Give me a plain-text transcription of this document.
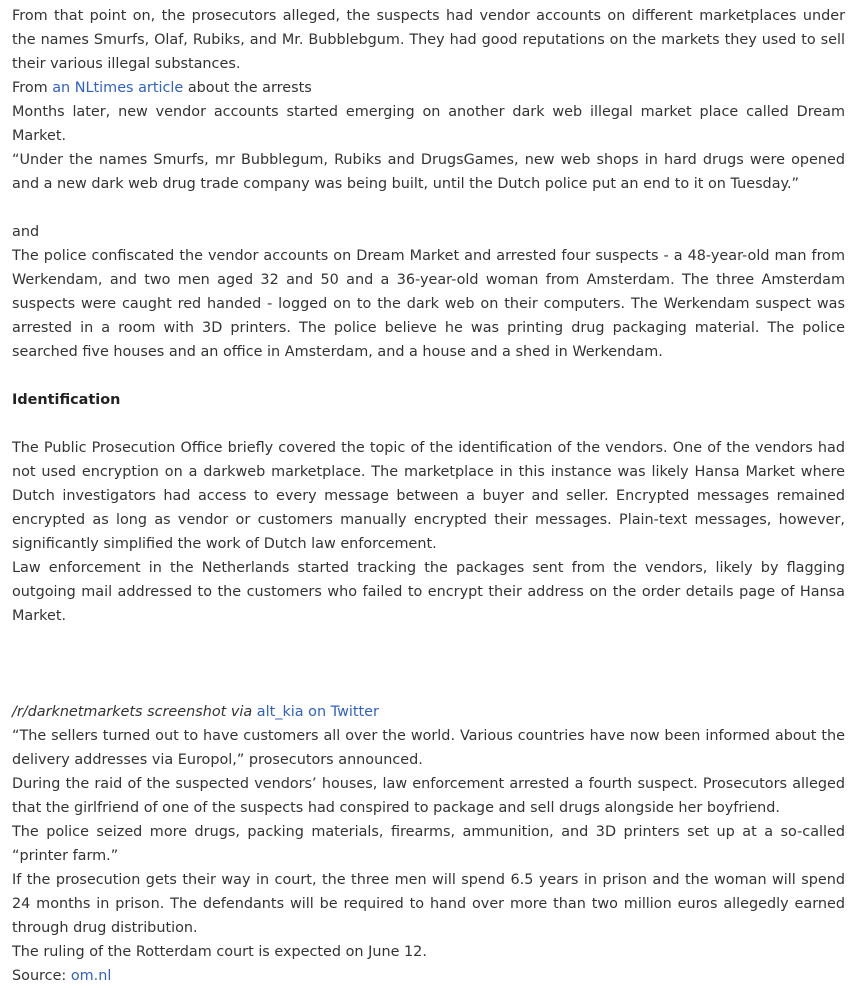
From that point on, the prosecutors alleged, the suspects had vendor accounts on different marketplaces under the names Smurfs, Olaf, Rubiks, and Mr. Bubblebgum. They had good reputations on the markets they used to sell their various illegal substances.

From an NLtimes article about the arrests

Months later, new vendor accounts started emerging on another dark web illegal market place called Dream Market.

“Under the names Smurfs, mr Bubblegum, Rubiks and DrugsGames, new web shops in hard drugs were opened and a new dark web drug trade company was being built, until the Dutch police put an end to it on Tuesday.”

and

The police confiscated the vendor accounts on Dream Market and arrested four suspects - a 48-year-old man from Werkendam, and two men aged 32 and 50 and a 36-year-old woman from Amsterdam. The three Amsterdam suspects were caught red handed - logged on to the dark web on their computers. The Werkendam suspect was arrested in a room with 3D printers. The police believe he was printing drug packaging material. The police searched five houses and an office in Amsterdam, and a house and a shed in Werkendam.

Identification

The Public Prosecution Office briefly covered the topic of the identification of the vendors. One of the vendors had not used encryption on a darkweb marketplace. The marketplace in this instance was likely Hansa Market where Dutch investigators had access to every message between a buyer and seller. Encrypted messages remained encrypted as long as vendor or customers manually encrypted their messages. Plain-text messages, however, significantly simplified the work of Dutch law enforcement.

Law enforcement in the Netherlands started tracking the packages sent from the vendors, likely by flagging outgoing mail addressed to the customers who failed to encrypt their address on the order details page of Hansa Market.

/r/darknetmarkets screenshot via alt_kia on Twitter

“The sellers turned out to have customers all over the world. Various countries have now been informed about the delivery addresses via Europol,” prosecutors announced.

During the raid of the suspected vendors’ houses, law enforcement arrested a fourth suspect. Prosecutors alleged that the girlfriend of one of the suspects had conspired to package and sell drugs alongside her boyfriend.

The police seized more drugs, packing materials, firearms, ammunition, and 3D printers set up at a so-called “printer farm.”

If the prosecution gets their way in court, the three men will spend 6.5 years in prison and the woman will spend 24 months in prison. The defendants will be required to hand over more than two million euros allegedly earned through drug distribution.

The ruling of the Rotterdam court is expected on June 12.

Source: om.nl
